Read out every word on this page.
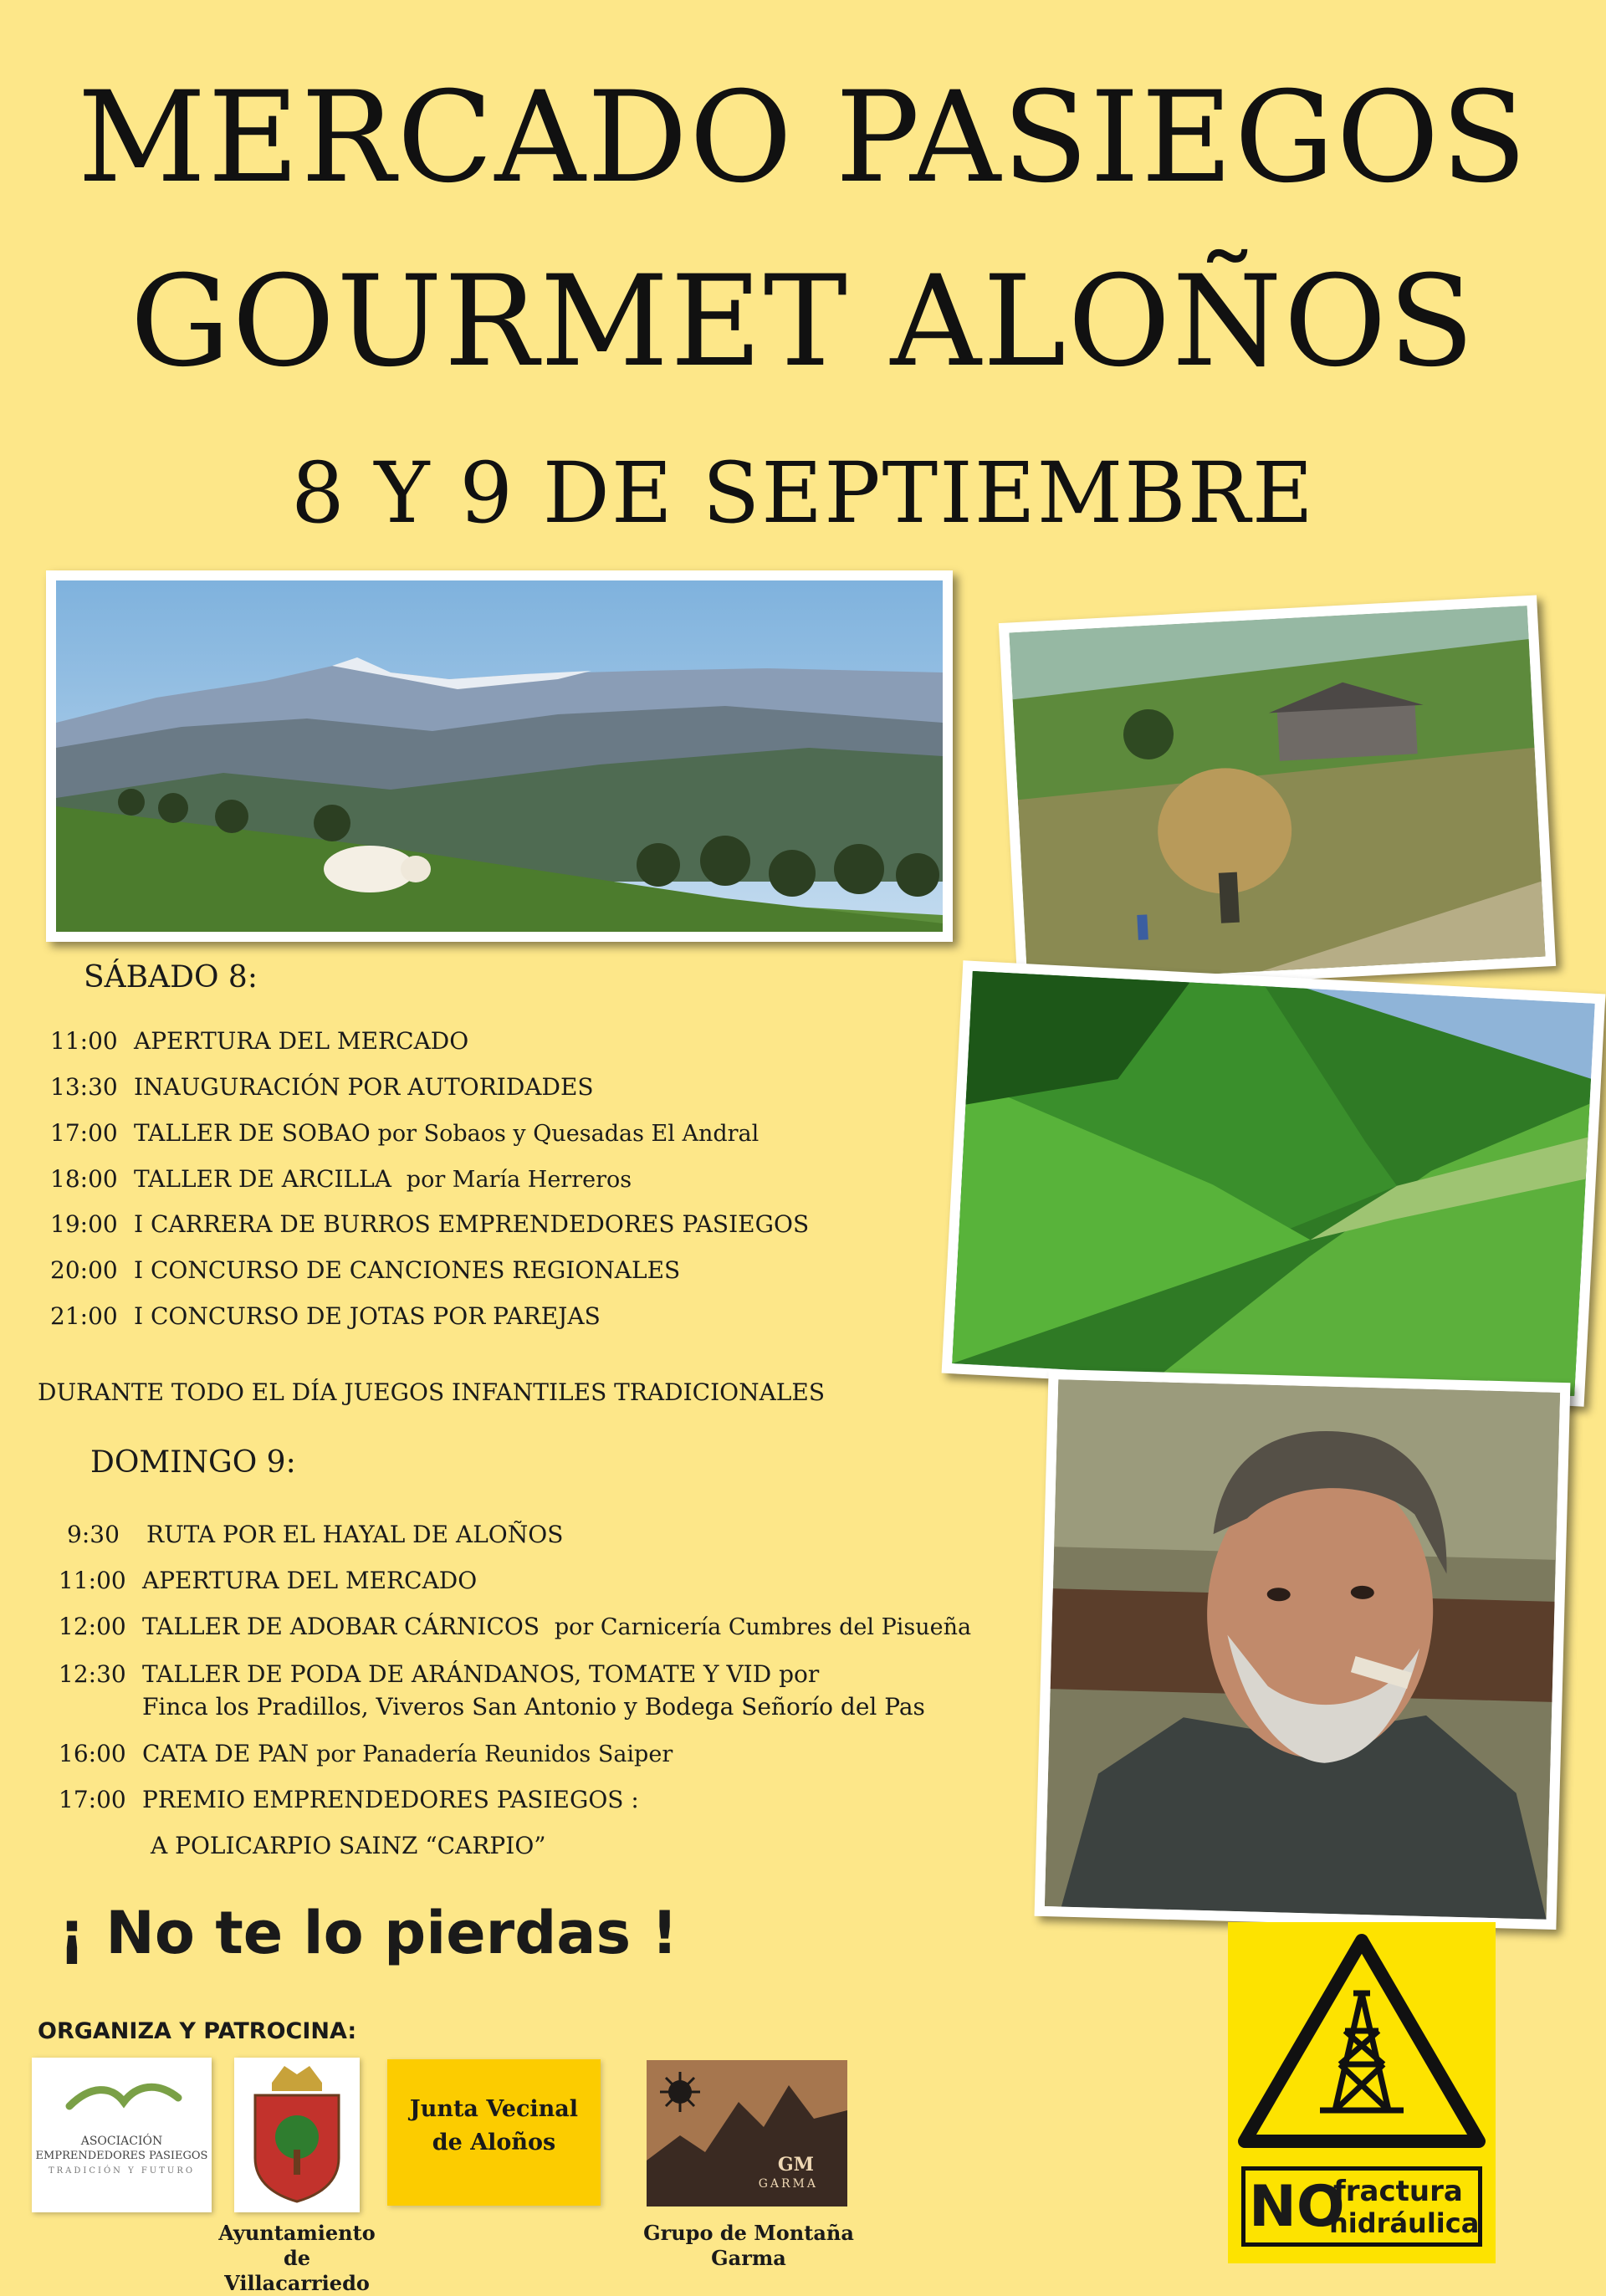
MERCADO PASIEGOS
GOURMET ALOÑOS
8 Y 9 DE SEPTIEMBRE
SÁBADO 8:
11:00 APERTURA DEL MERCADO
13:30 INAUGURACIÓN POR AUTORIDADES
17:00 TALLER DE SOBAO por Sobaos y Quesadas El Andral
18:00 TALLER DE ARCILLA por María Herreros
19:00 I CARRERA DE BURROS EMPRENDEDORES PASIEGOS
20:00 I CONCURSO DE CANCIONES REGIONALES
21:00 I CONCURSO DE JOTAS POR PAREJAS
DURANTE TODO EL DÍA JUEGOS INFANTILES TRADICIONALES
DOMINGO 9:
9:30 RUTA POR EL HAYAL DE ALOÑOS
11:00 APERTURA DEL MERCADO
12:00 TALLER DE ADOBAR CÁRNICOS por Carnicería Cumbres del Pisueña
12:30 TALLER DE PODA DE ARÁNDANOS, TOMATE Y VID por
Finca los Pradillos, Viveros San Antonio y Bodega Señorío del Pas
16:00 CATA DE PAN por Panadería Reunidos Saiper
17:00 PREMIO EMPRENDEDORES PASIEGOS :
A POLICARPIO SAINZ “CARPIO”
¡ No te lo pierdas !
ORGANIZA Y PATROCINA:
ASOCIACIÓN
EMPRENDEDORES PASIEGOS
TRADICIÓN Y FUTURO
Ayuntamiento
de Villacarriedo
Junta Vecinal
de Aloños
GM
GARMA
Grupo de Montaña
Garma
NO
fractura
hidráulica
